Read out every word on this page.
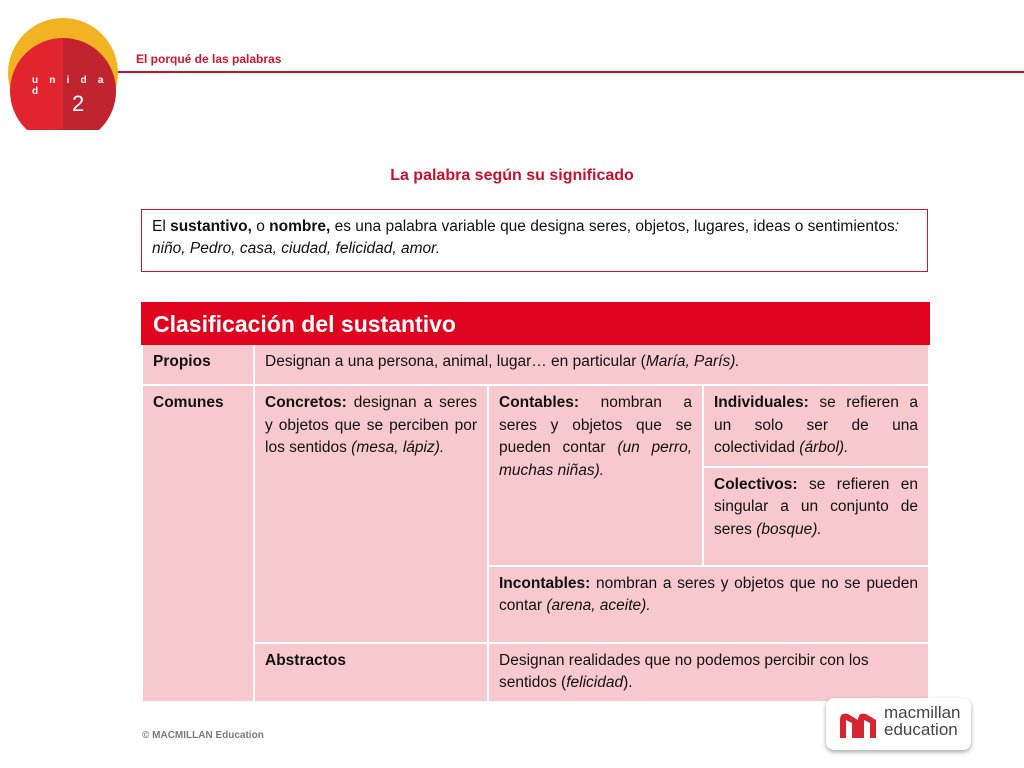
u n i d a d	2
El porqué de las palabras
La palabra según su significado
El sustantivo, o nombre, es una palabra variable que designa seres, objetos, lugares, ideas o sentimientos: niño, Pedro, casa, ciudad, felicidad, amor.
Clasificación del sustantivo			
Propios	Designan a una persona, animal, lugar… en particular (María, París).		
Comunes	Concretos: designan a seres y objetos que se perciben por los sentidos (mesa, lápiz).	Contables: nombran a seres y objetos que se pueden contar (un perro, muchas niñas).	Individuales: se refieren a un solo ser de una colectividad (árbol).
			Colectivos: se refieren en singular a un conjunto de seres (bosque).
		Incontables: nombran a seres y objetos que no se pueden contar (arena, aceite).	
	Abstractos	Designan realidades que no podemos percibir con los sentidos (felicidad).	
© MACMILLAN Education
macmillan
education
